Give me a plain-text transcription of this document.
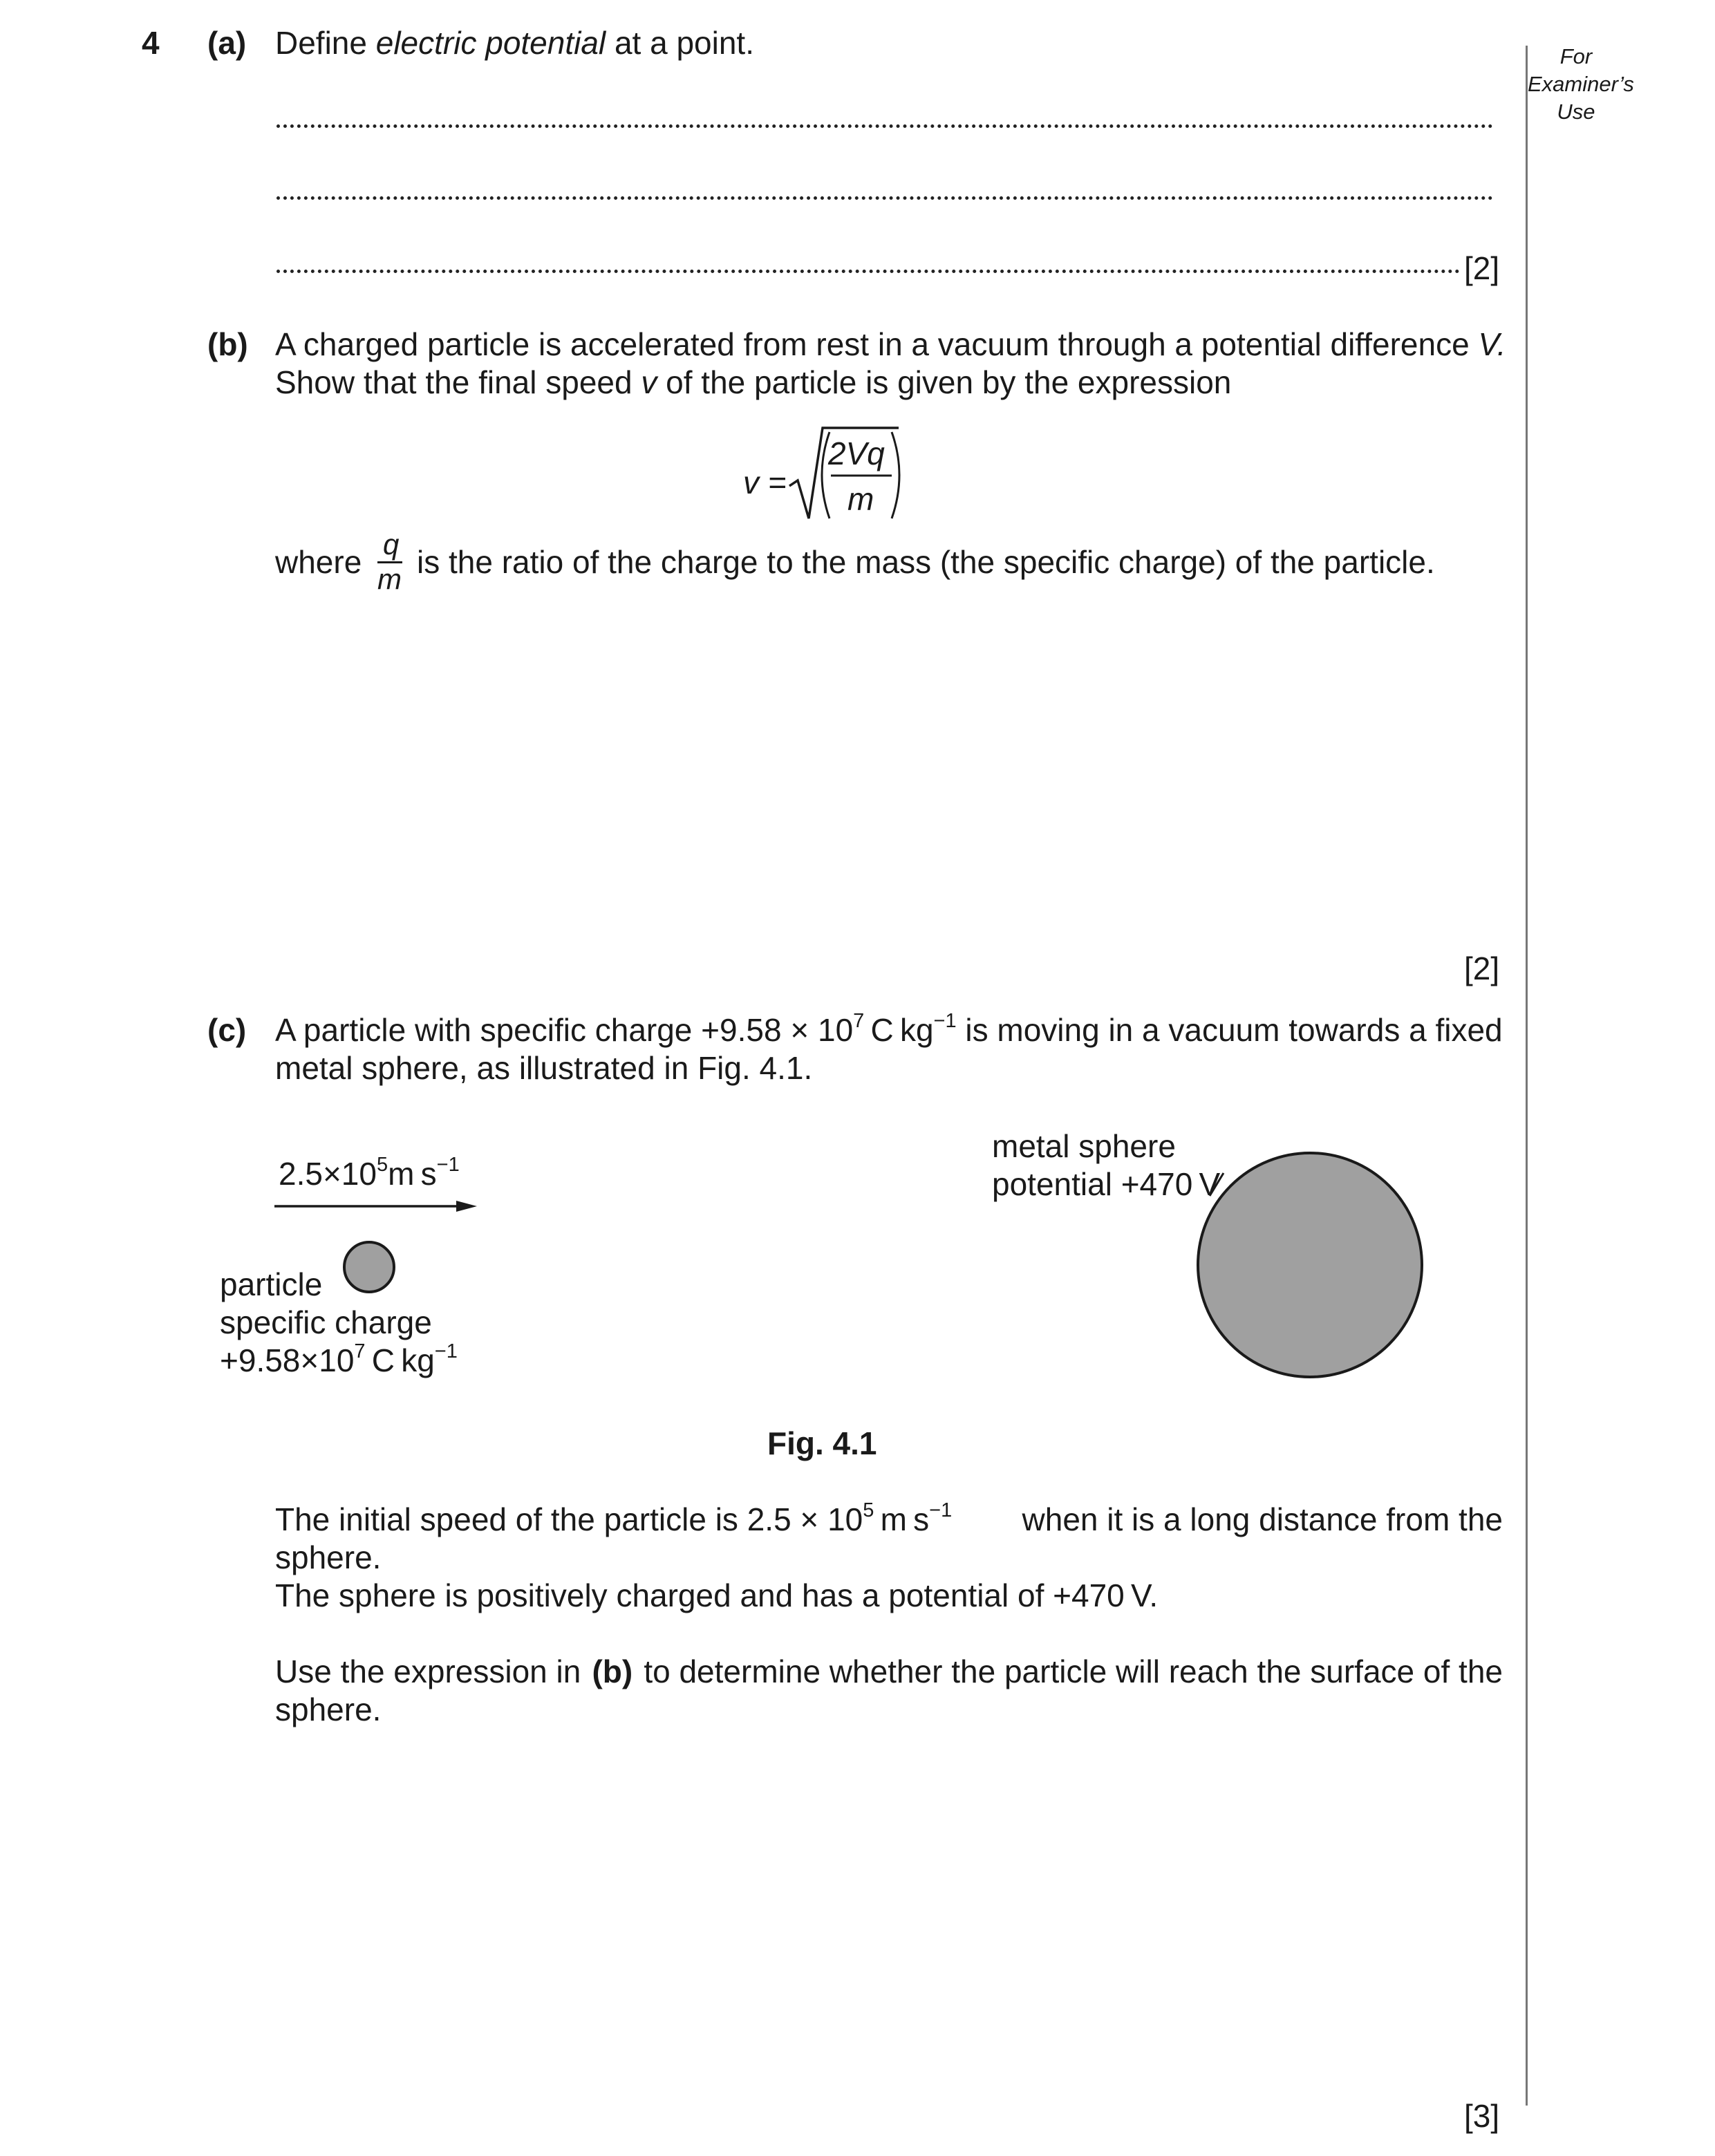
4	For
Examiner’s
Use
(a) Define electric potential at a point.
[2]
(b) A charged particle is accelerated from rest in a vacuum through a potential difference V.
Show that the final speed v of the particle is given by the expression
v =
2Vq
m
where q
m is the ratio of the charge to the mass (the specific charge) of the particle.
[2]
(c) A particle with specific charge $+9.58 \times 10^7$  C $kg^{-1}$ is moving in a vacuum towards a fixed
metal sphere, as illustrated in Fig. 4.1.
$2.5\times 10^5m$ $s^{-1}$
particle
specific charge
$+9.58\times 10^7$  C $kg^{-1}$
metal sphere
potential +470 V
Fig. 4.1
The initial speed of the particle is $2.5 \times 10^5$  m $s^{-1}$ when it is a long distance from the
sphere.
The sphere is positively charged and has a potential of +470 V.
Use the expression in (b) to determine whether the particle will reach the surface of the
sphere.
[3]
